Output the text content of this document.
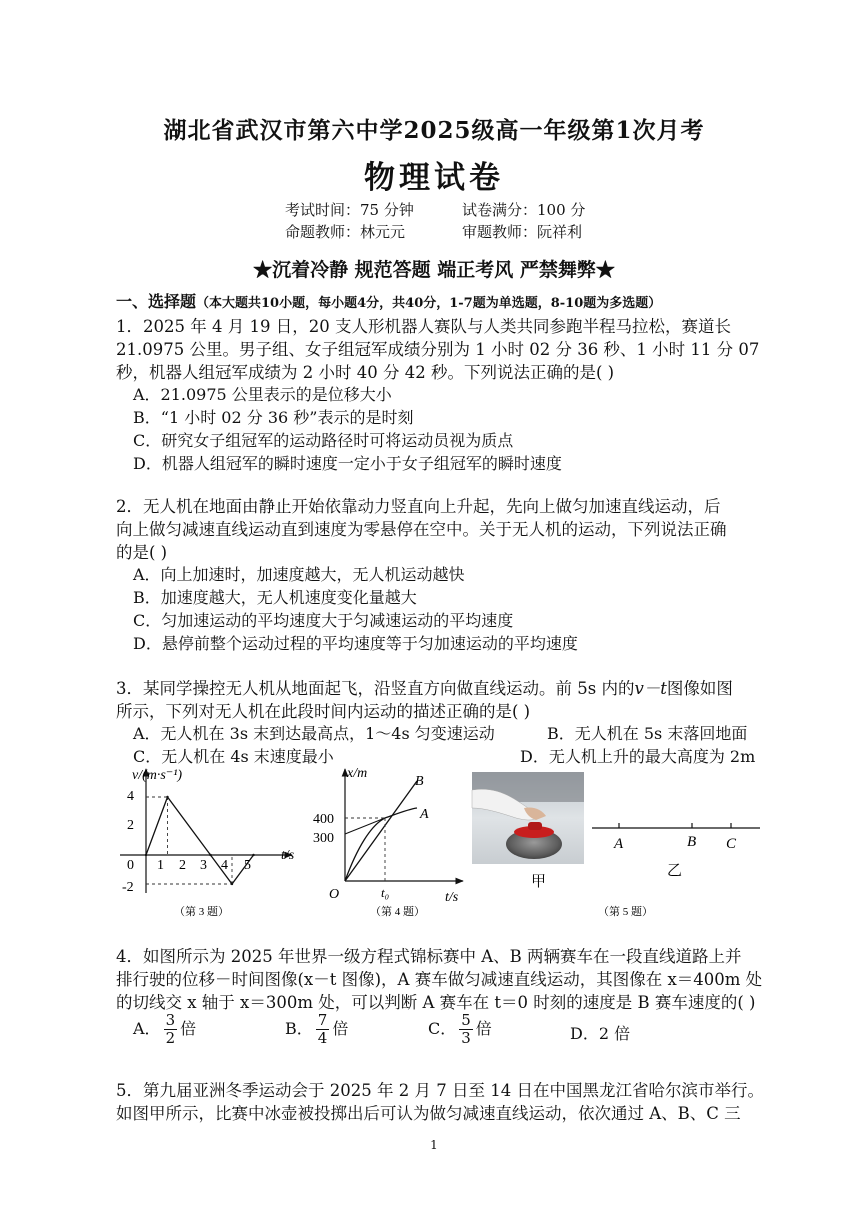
湖北省武汉市第六中学2025级高一年级第1次月考
物理试卷
考试时间：75 分钟	试卷满分：100 分
命题教师：林元元	审题教师：阮祥利
★沉着冷静 规范答题 端正考风 严禁舞弊★
一、选择题（本大题共10小题，每小题4分，共40分，1-7题为单选题，8-10题为多选题）
1．2025 年 4 月 19 日，20 支人形机器人赛队与人类共同参跑半程马拉松，赛道长
21.0975 公里。男子组、女子组冠军成绩分别为 1 小时 02 分 36 秒、1 小时 11 分 07
秒，机器人组冠军成绩为 2 小时 40 分 42 秒。下列说法正确的是( )
A．21.0975 公里表示的是位移大小
B．“1 小时 02 分 36 秒”表示的是时刻
C．研究女子组冠军的运动路径时可将运动员视为质点
D．机器人组冠军的瞬时速度一定小于女子组冠军的瞬时速度
2．无人机在地面由静止开始依靠动力竖直向上升起，先向上做匀加速直线运动，后
向上做匀减速直线运动直到速度为零悬停在空中。关于无人机的运动，下列说法正确
的是( )
A．向上加速时，加速度越大，无人机运动越快
B．加速度越大，无人机速度变化量越大
C．匀加速运动的平均速度大于匀减速运动的平均速度
D．悬停前整个运动过程的平均速度等于匀加速运动的平均速度
3．某同学操控无人机从地面起飞，沿竖直方向做直线运动。前 5s 内的v－t图像如图
所示，下列对无人机在此段时间内运动的描述正确的是( )
A．无人机在 3s 末到达最高点，1～4s 匀变速运动	B．无人机在 5s 末落回地面
C．无人机在 4s 末速度最小	D．无人机上升的最大高度为 2m
v/(m·s⁻¹)
t/s
4
2
0
-2
1 2 3 4 5
（第 3 题）
x/m
t/s
O	t₀
400
300
B
A
（第 4 题）
甲
A	B C
乙
（第 5 题）
4．如图所示为 2025 年世界一级方程式锦标赛中 A、B 两辆赛车在一段直线道路上并
排行驶的位移－时间图像(x－t 图像)，A 赛车做匀减速直线运动，其图像在 x＝400m 处
的切线交 x 轴于 x＝300m 处，可以判断 A 赛车在 t＝0 时刻的速度是 B 赛车速度的( )
A． $\frac{3}{2}$ 倍	B． $\frac{7}{4}$ 倍	C． $\frac{5}{3}$ 倍	D．2 倍
5．第九届亚洲冬季运动会于 2025 年 2 月 7 日至 14 日在中国黑龙江省哈尔滨市举行。
如图甲所示，比赛中冰壶被投掷出后可认为做匀减速直线运动，依次通过 A、B、C 三
1
